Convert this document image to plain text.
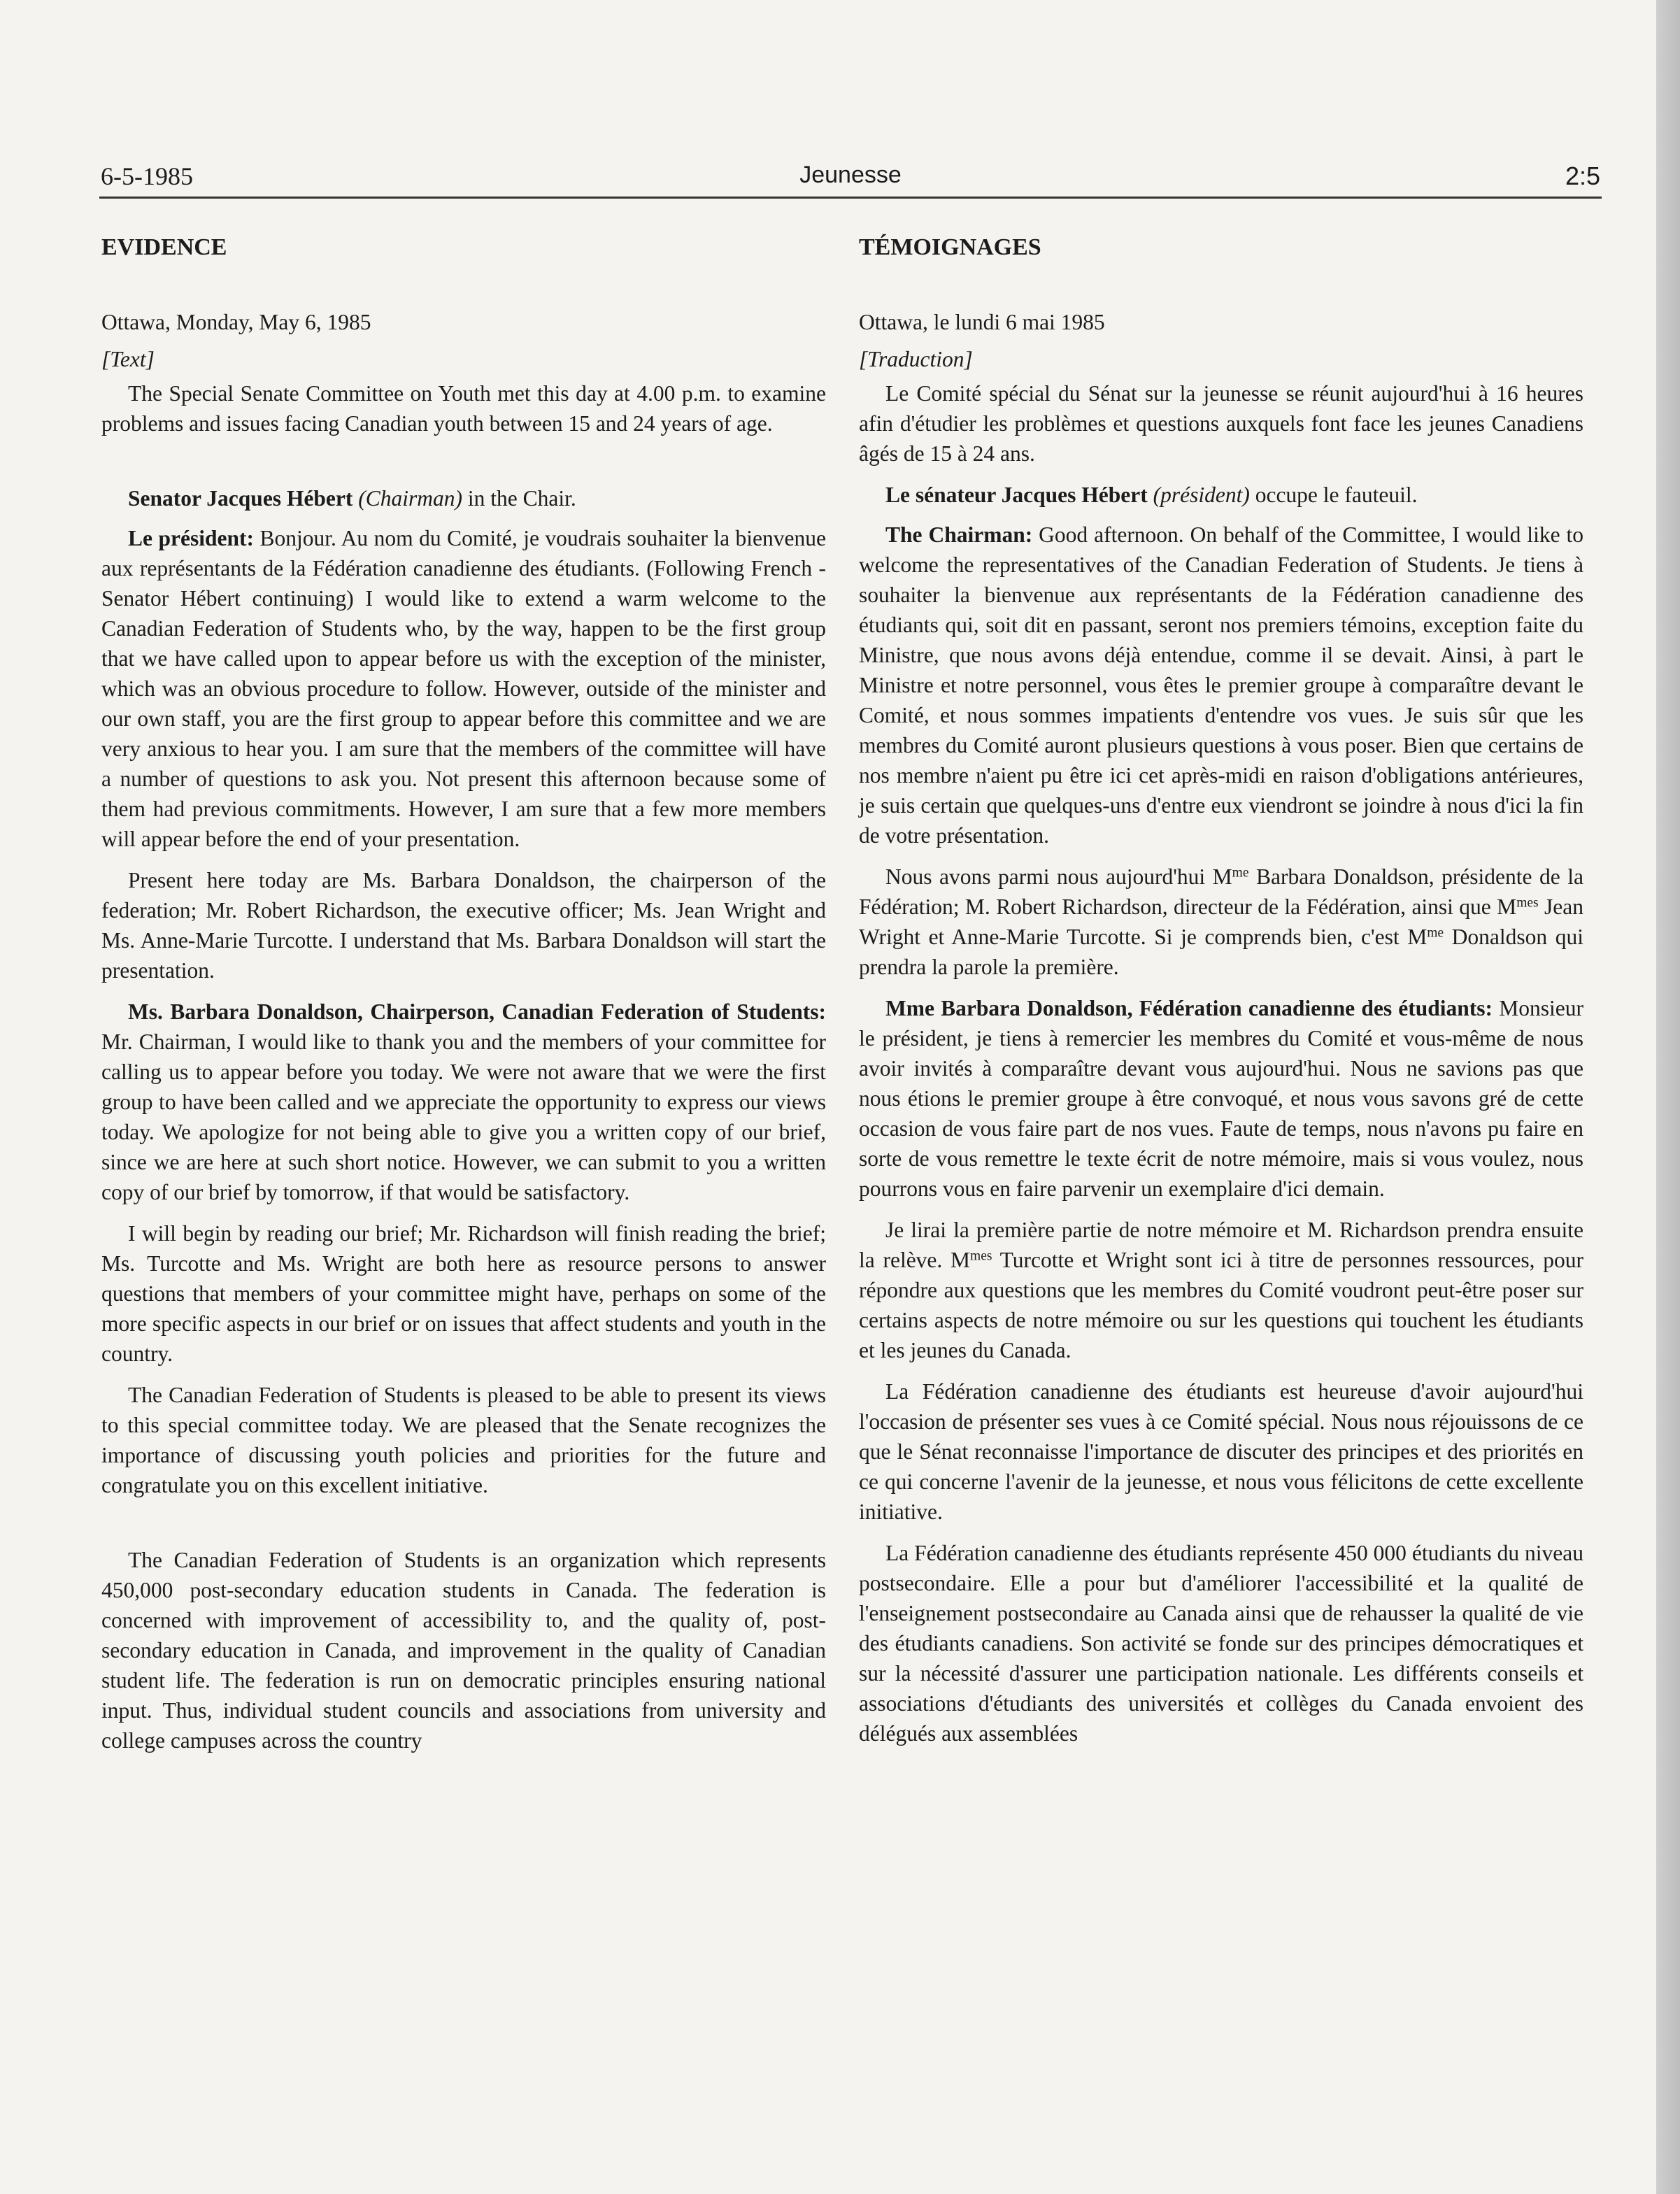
6-5-1985	Jeunesse	2:5
EVIDENCE
Ottawa, Monday, May 6, 1985
[Text]
The Special Senate Committee on Youth met this day at 4.00 p.m. to examine problems and issues facing Canadian youth between 15 and 24 years of age.
Senator Jacques Hébert (Chairman) in the Chair.
Le président: Bonjour. Au nom du Comité, je voudrais souhaiter la bienvenue aux représentants de la Fédération canadienne des étudiants. (Following French - Senator Hébert continuing) I would like to extend a warm welcome to the Canadian Federation of Students who, by the way, happen to be the first group that we have called upon to appear before us with the exception of the minister, which was an obvious procedure to follow. However, outside of the minister and our own staff, you are the first group to appear before this committee and we are very anxious to hear you. I am sure that the members of the committee will have a number of questions to ask you. Not present this afternoon because some of them had previous commitments. However, I am sure that a few more members will appear before the end of your presentation.
Present here today are Ms. Barbara Donaldson, the chairperson of the federation; Mr. Robert Richardson, the executive officer; Ms. Jean Wright and Ms. Anne-Marie Turcotte. I understand that Ms. Barbara Donaldson will start the presentation.
Ms. Barbara Donaldson, Chairperson, Canadian Federation of Students: Mr. Chairman, I would like to thank you and the members of your committee for calling us to appear before you today. We were not aware that we were the first group to have been called and we appreciate the opportunity to express our views today. We apologize for not being able to give you a written copy of our brief, since we are here at such short notice. However, we can submit to you a written copy of our brief by tomorrow, if that would be satisfactory.
I will begin by reading our brief; Mr. Richardson will finish reading the brief; Ms. Turcotte and Ms. Wright are both here as resource persons to answer questions that members of your committee might have, perhaps on some of the more specific aspects in our brief or on issues that affect students and youth in the country.
The Canadian Federation of Students is pleased to be able to present its views to this special committee today. We are pleased that the Senate recognizes the importance of discussing youth policies and priorities for the future and congratulate you on this excellent initiative.
The Canadian Federation of Students is an organization which represents 450,000 post-secondary education students in Canada. The federation is concerned with improvement of accessibility to, and the quality of, post-secondary education in Canada, and improvement in the quality of Canadian student life. The federation is run on democratic principles ensuring national input. Thus, individual student councils and associations from university and college campuses across the country
TÉMOIGNAGES
Ottawa, le lundi 6 mai 1985
[Traduction]
Le Comité spécial du Sénat sur la jeunesse se réunit aujourd'hui à 16 heures afin d'étudier les problèmes et questions auxquels font face les jeunes Canadiens âgés de 15 à 24 ans.
Le sénateur Jacques Hébert (président) occupe le fauteuil.
The Chairman: Good afternoon. On behalf of the Committee, I would like to welcome the representatives of the Canadian Federation of Students. Je tiens à souhaiter la bienvenue aux représentants de la Fédération canadienne des étudiants qui, soit dit en passant, seront nos premiers témoins, exception faite du Ministre, que nous avons déjà entendue, comme il se devait. Ainsi, à part le Ministre et notre personnel, vous êtes le premier groupe à comparaître devant le Comité, et nous sommes impatients d'entendre vos vues. Je suis sûr que les membres du Comité auront plusieurs questions à vous poser. Bien que certains de nos membre n'aient pu être ici cet après-midi en raison d'obligations antérieures, je suis certain que quelques-uns d'entre eux viendront se joindre à nous d'ici la fin de votre présentation.
Nous avons parmi nous aujourd'hui $M^{me}$ Barbara Donaldson, présidente de la Fédération; M. Robert Richardson, directeur de la Fédération, ainsi que $M^{mes}$ Jean Wright et Anne-Marie Turcotte. Si je comprends bien, c'est $M^{me}$ Donaldson qui prendra la parole la première.
Mme Barbara Donaldson, Fédération canadienne des étudiants: Monsieur le président, je tiens à remercier les membres du Comité et vous-même de nous avoir invités à comparaître devant vous aujourd'hui. Nous ne savions pas que nous étions le premier groupe à être convoqué, et nous vous savons gré de cette occasion de vous faire part de nos vues. Faute de temps, nous n'avons pu faire en sorte de vous remettre le texte écrit de notre mémoire, mais si vous voulez, nous pourrons vous en faire parvenir un exemplaire d'ici demain.
Je lirai la première partie de notre mémoire et M. Richardson prendra ensuite la relève. $M^{mes}$ Turcotte et Wright sont ici à titre de personnes ressources, pour répondre aux questions que les membres du Comité voudront peut-être poser sur certains aspects de notre mémoire ou sur les questions qui touchent les étudiants et les jeunes du Canada.
La Fédération canadienne des étudiants est heureuse d'avoir aujourd'hui l'occasion de présenter ses vues à ce Comité spécial. Nous nous réjouissons de ce que le Sénat reconnaisse l'importance de discuter des principes et des priorités en ce qui concerne l'avenir de la jeunesse, et nous vous félicitons de cette excellente initiative.
La Fédération canadienne des étudiants représente 450 000 étudiants du niveau postsecondaire. Elle a pour but d'améliorer l'accessibilité et la qualité de l'enseignement postsecondaire au Canada ainsi que de rehausser la qualité de vie des étudiants canadiens. Son activité se fonde sur des principes démocratiques et sur la nécessité d'assurer une participation nationale. Les différents conseils et associations d'étudiants des universités et collèges du Canada envoient des délégués aux assemblées
